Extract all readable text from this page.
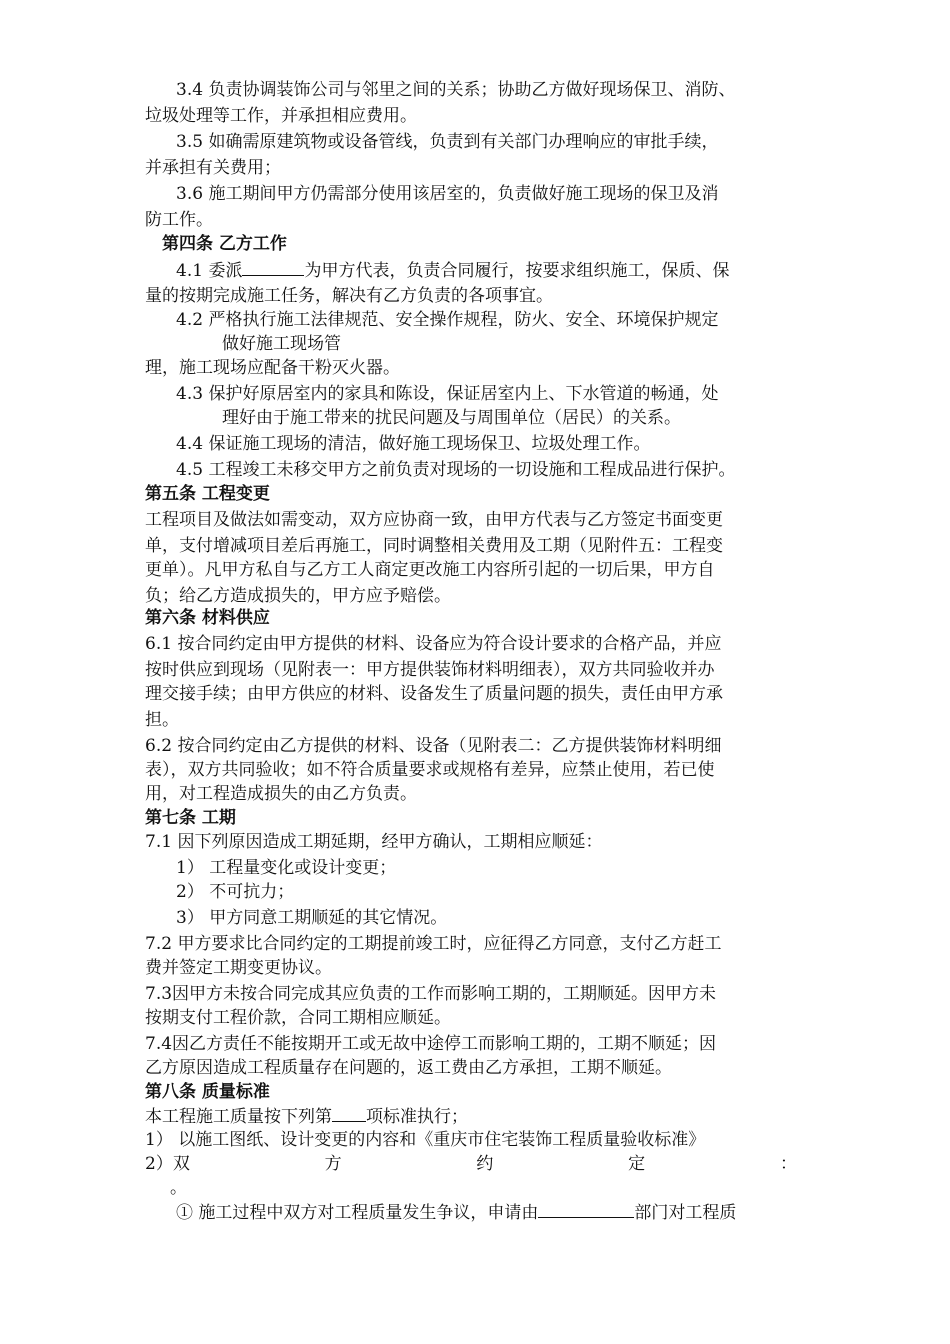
3.4 负责协调装饰公司与邻里之间的关系；协助乙方做好现场保卫、消防、
垃圾处理等工作，并承担相应费用。
3.5 如确需原建筑物或设备管线，负责到有关部门办理响应的审批手续，
并承担有关费用；
3.6 施工期间甲方仍需部分使用该居室的，负责做好施工现场的保卫及消
防工作。
第四条 乙方工作
4.1 委派	为甲方代表，负责合同履行，按要求组织施工，保质、保
量的按期完成施工任务，解决有乙方负责的各项事宜。
4.2 严格执行施工法律规范、安全操作规程，防火、安全、环境保护规定
做好施工现场管
理，施工现场应配备干粉灭火器。
4.3 保护好原居室内的家具和陈设，保证居室内上、下水管道的畅通，处
理好由于施工带来的扰民问题及与周围单位（居民）的关系。
4.4 保证施工现场的清洁，做好施工现场保卫、垃圾处理工作。
4.5 工程竣工未移交甲方之前负责对现场的一切设施和工程成品进行保护。
第五条 工程变更
工程项目及做法如需变动，双方应协商一致，由甲方代表与乙方签定书面变更
单，支付增减项目差后再施工，同时调整相关费用及工期（见附件五：工程变
更单）。凡甲方私自与乙方工人商定更改施工内容所引起的一切后果，甲方自
负；给乙方造成损失的，甲方应予赔偿。
第六条 材料供应
6.1 按合同约定由甲方提供的材料、设备应为符合设计要求的合格产品，并应
按时供应到现场（见附表一：甲方提供装饰材料明细表），双方共同验收并办
理交接手续；由甲方供应的材料、设备发生了质量问题的损失，责任由甲方承
担。
6.2 按合同约定由乙方提供的材料、设备（见附表二：乙方提供装饰材料明细
表），双方共同验收；如不符合质量要求或规格有差异，应禁止使用，若已使
用，对工程造成损失的由乙方负责。
第七条 工期
7.1 因下列原因造成工期延期，经甲方确认，工期相应顺延：
1） 工程量变化或设计变更；
2） 不可抗力；
3） 甲方同意工期顺延的其它情况。
7.2 甲方要求比合同约定的工期提前竣工时，应征得乙方同意，支付乙方赶工
费并签定工期变更协议。
7.3因甲方未按合同完成其应负责的工作而影响工期的，工期顺延。因甲方未
按期支付工程价款，合同工期相应顺延。
7.4因乙方责任不能按期开工或无故中途停工而影响工期的，工期不顺延；因
乙方原因造成工程质量存在问题的，返工费由乙方承担，工期不顺延。
第八条 质量标准
本工程施工质量按下列第 项标准执行；
1） 以施工图纸、设计变更的内容和《重庆市住宅装饰工程质量验收标准》
2）双	方	约	定	：
。
① 施工过程中双方对工程质量发生争议，申请由	部门对工程质
